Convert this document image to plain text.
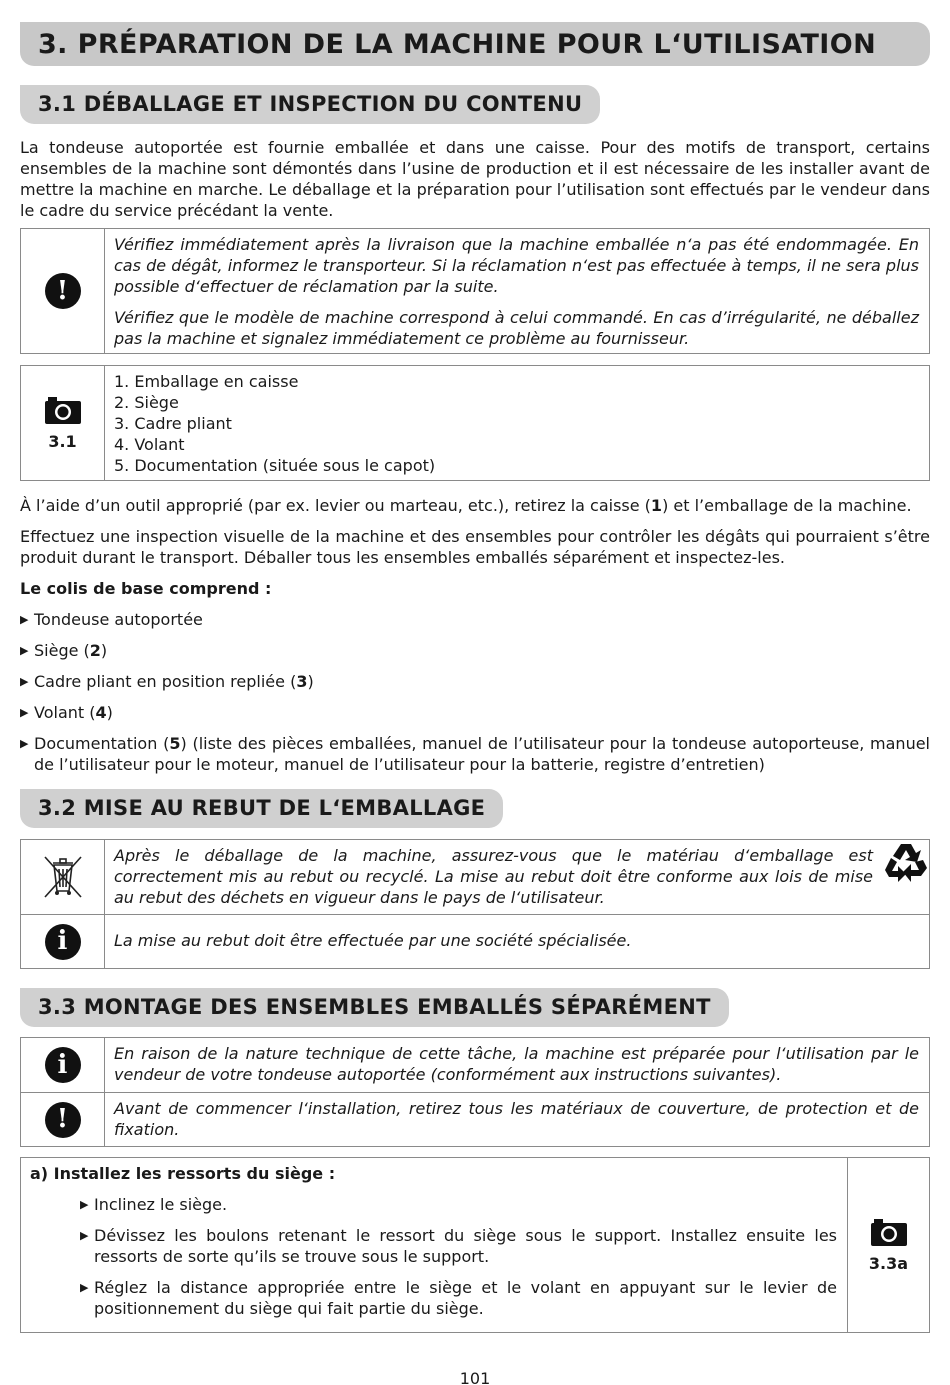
3. PRÉPARATION DE LA MACHINE POUR L‘UTILISATION
3.1 DÉBALLAGE ET INSPECTION DU CONTENU

La tondeuse autoportée est fournie emballée et dans une caisse. Pour des motifs de transport, certains ensembles de la machine sont démontés dans l’usine de production et il est nécessaire de les installer avant de mettre la machine en marche. Le déballage et la préparation pour l’utilisation sont effectués par le vendeur dans le cadre du service précédant la vente.

!

Vérifiez immédiatement après la livraison que la machine emballée n‘a pas été endommagée. En cas de dégât, informez le transporteur. Si la réclamation n‘est pas effectuée à temps, il ne sera plus possible d‘effectuer de réclamation par la suite.

Vérifiez que le modèle de machine correspond à celui commandé. En cas d’irrégularité, ne déballez pas la machine et signalez immédiatement ce problème au fournisseur.

3.1
1. Emballage en caisse
2. Siège
3. Cadre pliant
4. Volant
5. Documentation (située sous le capot)

À l’aide d’un outil approprié (par ex. levier ou marteau, etc.), retirez la caisse (1) et l’emballage de la machine.

Effectuez une inspection visuelle de la machine et des ensembles pour contrôler les dégâts qui pourraient s’être produit durant le transport. Déballer tous les ensembles emballés séparément et inspectez-les.

Le colis de base comprend :

▶ Tondeuse autoportée
▶ Siège (2)
▶ Cadre pliant en position repliée (3)
▶ Volant (4)
▶ Documentation (5) (liste des pièces emballées, manuel de l’utilisateur pour la tondeuse autoporteuse, manuel de l’utilisateur pour le moteur, manuel de l’utilisateur pour la batterie, registre d’entretien)
3.2 MISE AU REBUT DE L‘EMBALLAGE
Après le déballage de la machine, assurez-vous que le matériau d‘emballage est correctement mis au rebut ou recyclé. La mise au rebut doit être conforme aux lois de mise au rebut des déchets en vigueur dans le pays de l‘utilisateur.
i	La mise au rebut doit être effectuée par une société spécialisée.
3.3 MONTAGE DES ENSEMBLES EMBALLÉS SÉPARÉMENT
i	En raison de la nature technique de cette tâche, la machine est préparée pour l‘utilisation par le vendeur de votre tondeuse autoportée (conformément aux instructions suivantes).
!	Avant de commencer l‘installation, retirez tous les matériaux de couverture, de protection et de fixation.
a) Installez les ressorts du siège :
▶ Inclinez le siège.
▶ Dévissez les boulons retenant le ressort du siège sous le support. Installez ensuite les ressorts de sorte qu’ils se trouve sous le support.
▶ Réglez la distance appropriée entre le siège et le volant en appuyant sur le levier de positionnement du siège qui fait partie du siège.
3.3a
101
